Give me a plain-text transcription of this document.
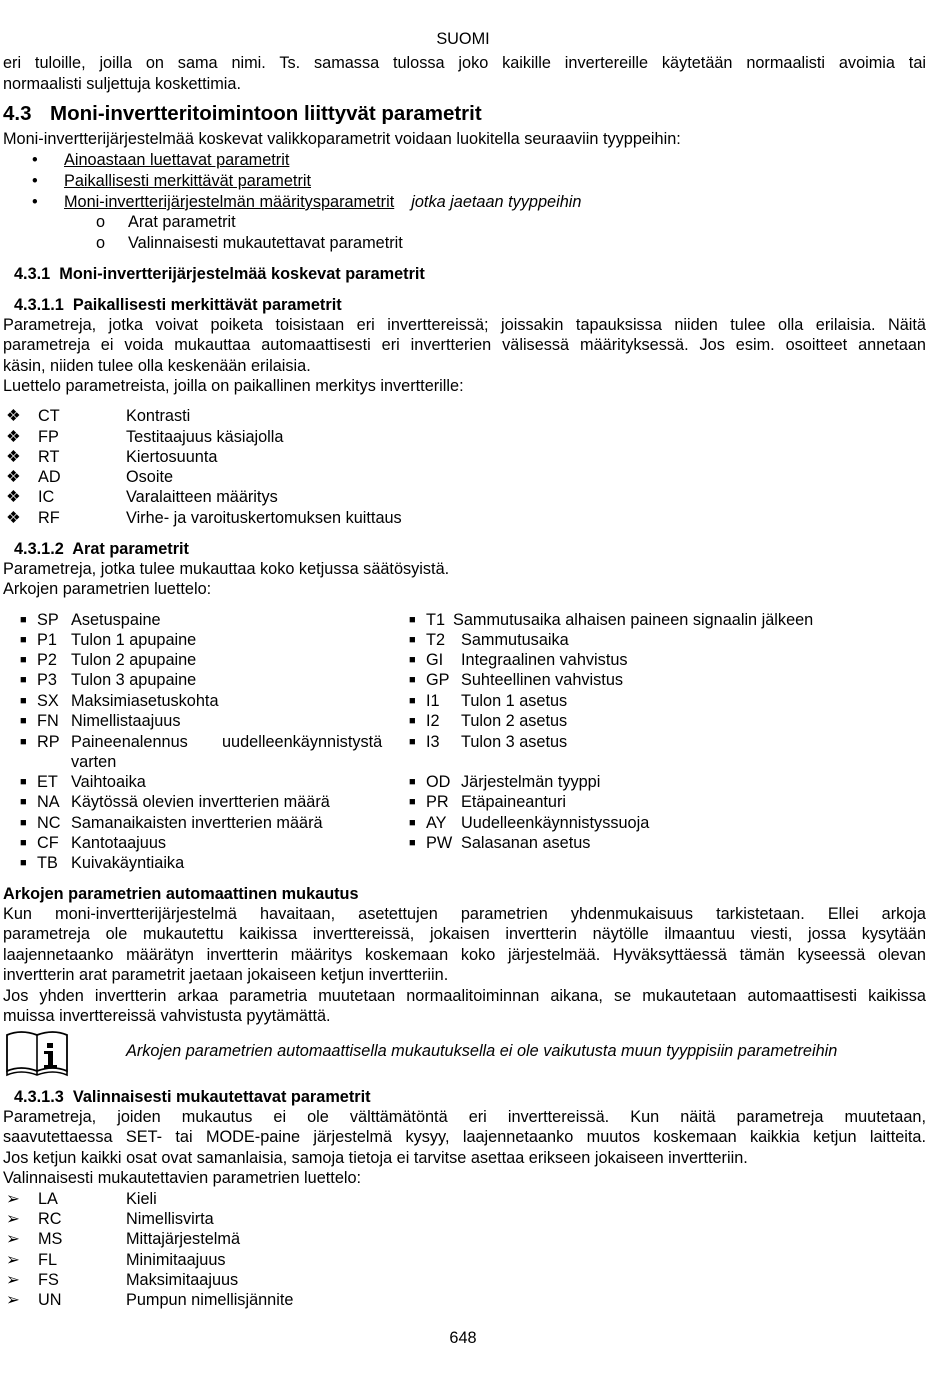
SUOMI
eri tuloille, joilla on sama nimi. Ts. samassa tulossa joko kaikille invertereille käytetään normaalisti avoimia tai
normaalisti suljettuja koskettimia.
4.3 Moni-invertteritoimintoon liittyvät parametrit
Moni-invertterijärjestelmää koskevat valikkoparametrit voidaan luokitella seuraaviin tyyppeihin:
• Ainoastaan luettavat parametrit
• Paikallisesti merkittävät parametrit
• Moni-invertterijärjestelmän määritysparametrit jotka jaetaan tyyppeihin
o Arat parametrit
o Valinnaisesti mukautettavat parametrit
4.3.1 Moni-invertterijärjestelmää koskevat parametrit
4.3.1.1 Paikallisesti merkittävät parametrit
Parametreja, jotka voivat poiketa toisistaan eri inverttereissä; joissakin tapauksissa niiden tulee olla erilaisia. Näitä
parametreja ei voida mukauttaa automaattisesti eri invertterien välisessä määrityksessä. Jos esim. osoitteet annetaan
käsin, niiden tulee olla keskenään erilaisia.
Luettelo parametreista, joilla on paikallinen merkitys invertterille:
❖ CT	Kontrasti
❖ FP	Testitaajuus käsiajolla
❖ RT	Kiertosuunta
❖ AD	Osoite
❖ IC	Varalaitteen määritys
❖ RF	Virhe- ja varoituskertomuksen kuittaus
4.3.1.2 Arat parametrit
Parametreja, jotka tulee mukauttaa koko ketjussa säätösyistä.
Arkojen parametrien luettelo:
■ SP Asetuspaine
■ P1 Tulon 1 apupaine
■ P2 Tulon 2 apupaine
■ P3 Tulon 3 apupaine
■ SX Maksimiasetuskohta
■ FN Nimellistaajuus
■ RP Paineenalennus uudelleenkäynnistystä
varten
■ ET Vaihtoaika
■ NA Käytössä olevien invertterien määrä
■ NC Samanaikaisten invertterien määrä
■ CF Kantotaajuus
■ TB Kuivakäyntiaika
■ T1 Sammutusaika alhaisen paineen signaalin jälkeen
■ T2 Sammutusaika
■ GI Integraalinen vahvistus
■ GP Suhteellinen vahvistus
■ I1 Tulon 1 asetus
■ I2 Tulon 2 asetus
■ I3 Tulon 3 asetus
■ OD Järjestelmän tyyppi
■ PR Etäpaineanturi
■ AY Uudelleenkäynnistyssuoja
■ PW Salasanan asetus
Arkojen parametrien automaattinen mukautus
Kun moni-invertterijärjestelmä havaitaan, asetettujen parametrien yhdenmukaisuus tarkistetaan. Ellei arkoja
parametreja ole mukautettu kaikissa inverttereissä, jokaisen invertterin näytölle ilmaantuu viesti, jossa kysytään
laajennetaanko määrätyn invertterin määritys koskemaan koko järjestelmää. Hyväksyttäessä tämän kyseessä olevan
invertterin arat parametrit jaetaan jokaiseen ketjun invertteriin.
Jos yhden invertterin arkaa parametria muutetaan normaalitoiminnan aikana, se mukautetaan automaattisesti kaikissa
muissa inverttereissä vahvistusta pyytämättä.
Arkojen parametrien automaattisella mukautuksella ei ole vaikutusta muun tyyppisiin parametreihin
4.3.1.3 Valinnaisesti mukautettavat parametrit
Parametreja, joiden mukautus ei ole välttämätöntä eri inverttereissä. Kun näitä parametreja muutetaan,
saavutettaessa SET- tai MODE-paine järjestelmä kysyy, laajennetaanko muutos koskemaan kaikkia ketjun laitteita.
Jos ketjun kaikki osat ovat samanlaisia, samoja tietoja ei tarvitse asettaa erikseen jokaiseen invertteriin.
Valinnaisesti mukautettavien parametrien luettelo:
➢ LA	Kieli
➢ RC	Nimellisvirta
➢ MS	Mittajärjestelmä
➢ FL	Minimitaajuus
➢ FS	Maksimitaajuus
➢ UN	Pumpun nimellisjännite
648
